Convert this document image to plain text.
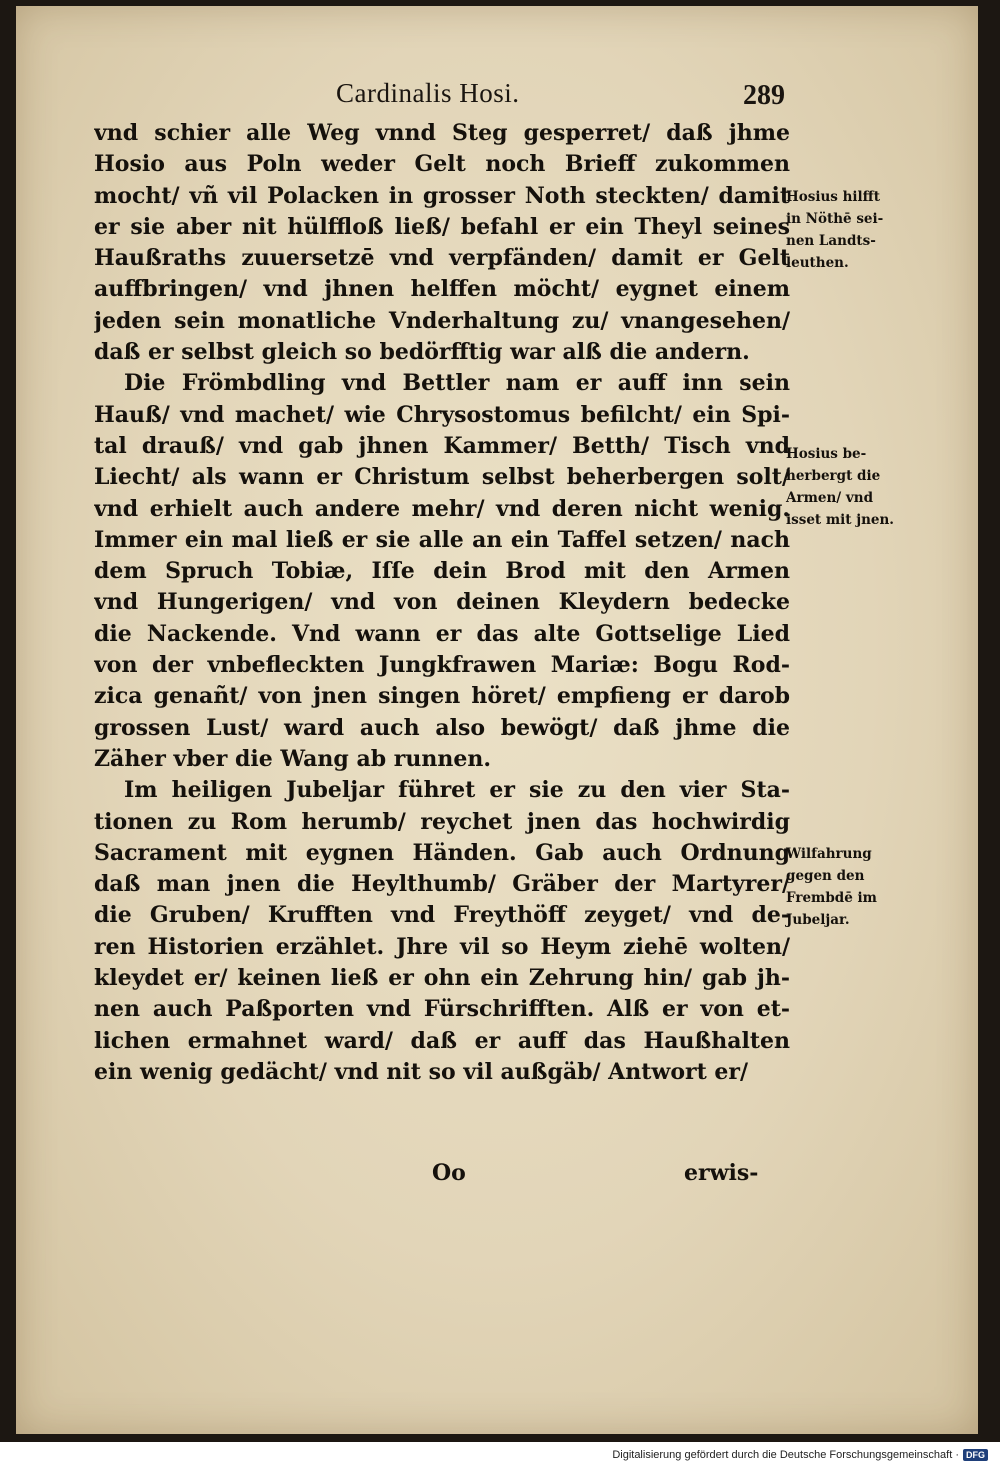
Cardinalis Hosi.	289
vnd schier alle Weg vnnd Steg gesperret/ daß jhme
Hosio aus Poln weder Gelt noch Brieff zukommen
mocht/ vñ vil Polacken in grosser Noth steckten/ damit
er sie aber nit hülffloß ließ/ befahl er ein Theyl seines
Haußraths zuuersetzē vnd verpfänden/ damit er Gelt
auffbringen/ vnd jhnen helffen möcht/ eygnet einem
jeden sein monatliche Vnderhaltung zu/ vnangesehen/
daß er selbst gleich so bedörfftig war alß die andern.
Die Frömbdling vnd Bettler nam er auff inn sein
Hauß/ vnd machet/ wie Chrysostomus befilcht/ ein Spi-
tal drauß/ vnd gab jhnen Kammer/ Betth/ Tisch vnd
Liecht/ als wann er Christum selbst beherbergen solt/
vnd erhielt auch andere mehr/ vnd deren nicht wenig.
Immer ein mal ließ er sie alle an ein Taffel setzen/ nach
dem Spruch Tobiæ, Iſſe dein Brod mit den Armen
vnd Hungerigen/ vnd von deinen Kleydern bedecke
die Nackende. Vnd wann er das alte Gottselige Lied
von der vnbefleckten Jungkfrawen Mariæ: Bogu Rod-
zica genañt/ von jnen singen höret/ empfieng er darob
grossen Lust/ ward auch also bewögt/ daß jhme die
Zäher vber die Wang ab runnen.
Im heiligen Jubeljar führet er sie zu den vier Sta-
tionen zu Rom herumb/ reychet jnen das hochwirdig
Sacrament mit eygnen Händen. Gab auch Ordnung
daß man jnen die Heylthumb/ Gräber der Martyrer/
die Gruben/ Krufften vnd Freythöff zeyget/ vnd de-
ren Historien erzählet. Jhre vil so Heym ziehē wolten/
kleydet er/ keinen ließ er ohn ein Zehrung hin/ gab jh-
nen auch Paßporten vnd Fürschrifften. Alß er von et-
lichen ermahnet ward/ daß er auff das Haußhalten
ein wenig gedächt/ vnd nit so vil außgäb/ Antwort er/
Hosius hilfft
in Nöthē sei-
nen Landts-
leuthen.
Hosius be-
herbergt die
Armen/ vnd
isset mit jnen.
Wilfahrung
gegen den
Frembdē im
Jubeljar.
Oo	erwis-
Digitalisierung gefördert durch die Deutsche Forschungsgemeinschaft · DFG
